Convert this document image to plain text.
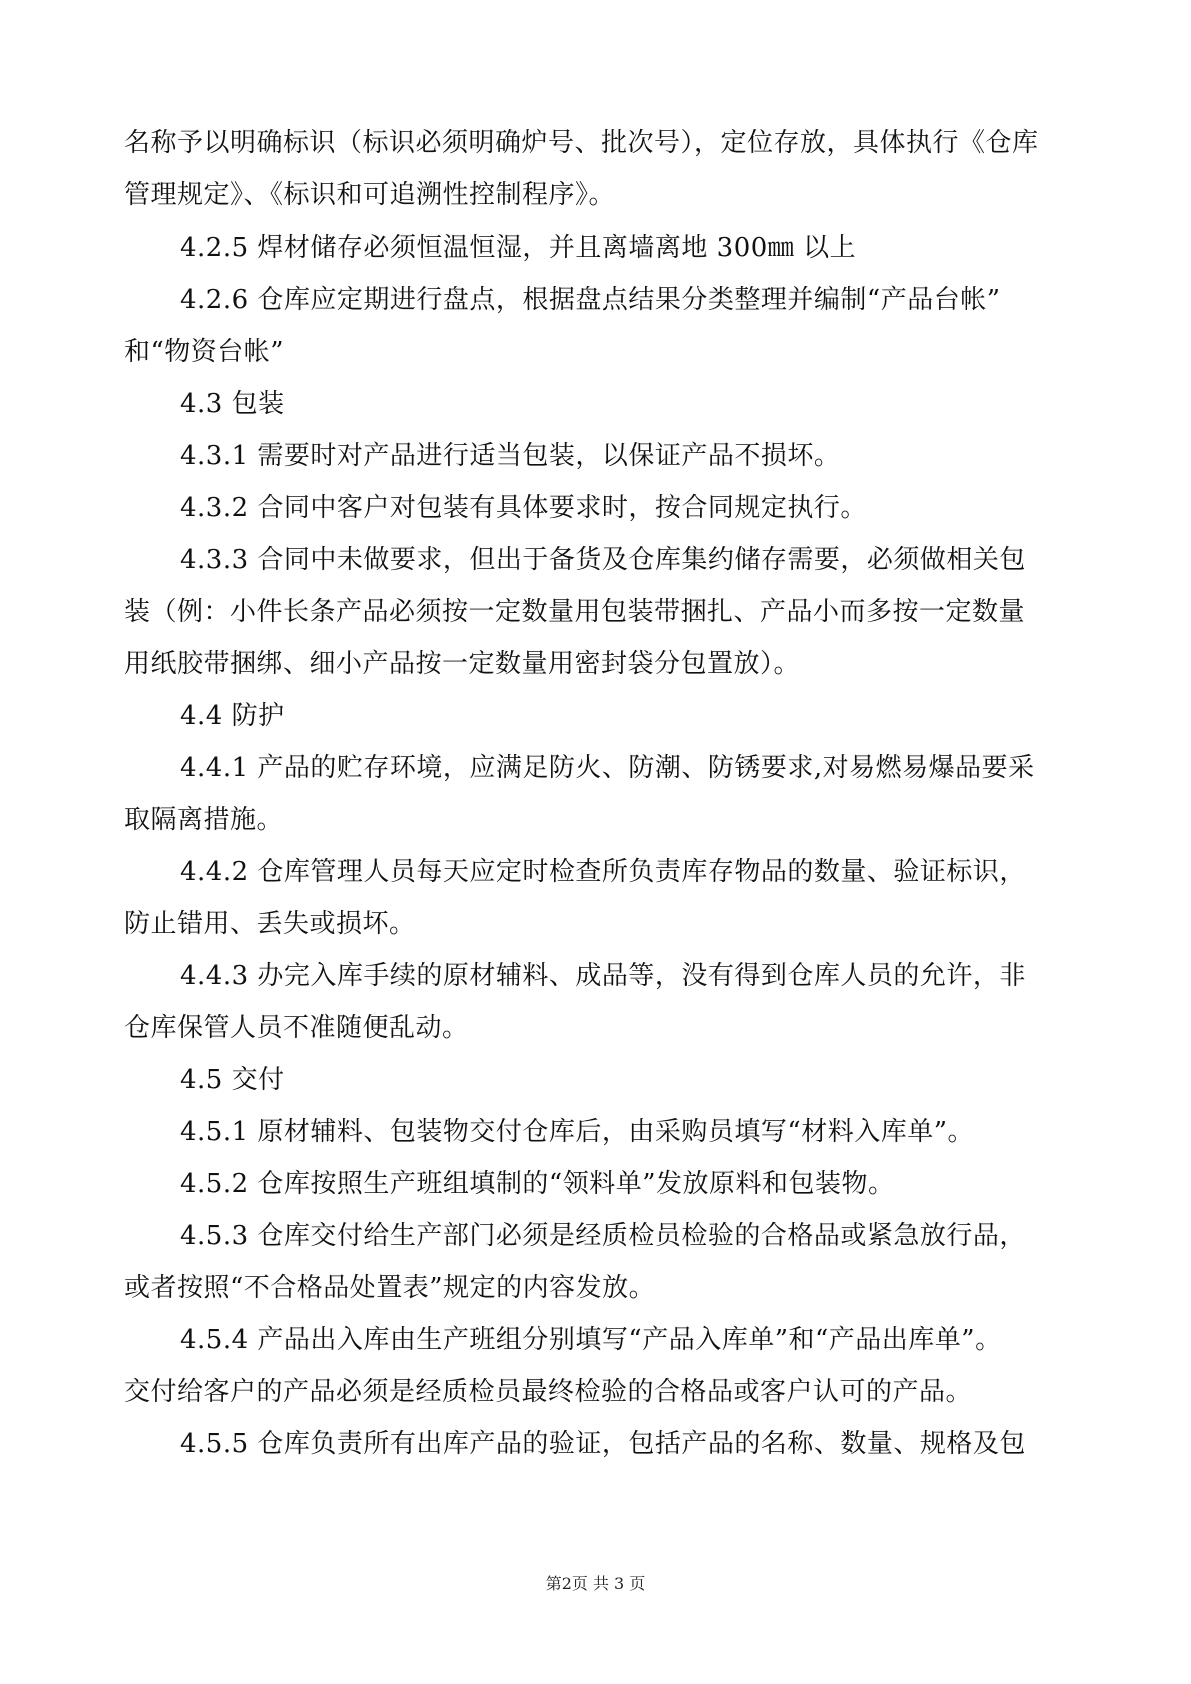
名称予以明确标识（标识必须明确炉号、批次号），定位存放，具体执行《仓库
管理规定》、《标识和可追溯性控制程序》。
4.2.5 焊材储存必须恒温恒湿，并且离墙离地 300㎜ 以上
4.2.6 仓库应定期进行盘点，根据盘点结果分类整理并编制“产品台帐”
和“物资台帐”
4.3 包装
4.3.1 需要时对产品进行适当包装，以保证产品不损坏。
4.3.2 合同中客户对包装有具体要求时，按合同规定执行。
4.3.3 合同中未做要求，但出于备货及仓库集约储存需要，必须做相关包
装（例：小件长条产品必须按一定数量用包装带捆扎、产品小而多按一定数量
用纸胶带捆绑、细小产品按一定数量用密封袋分包置放）。
4.4 防护
4.4.1 产品的贮存环境，应满足防火、防潮、防锈要求,对易燃易爆品要采
取隔离措施。
4.4.2 仓库管理人员每天应定时检查所负责库存物品的数量、验证标识，
防止错用、丢失或损坏。
4.4.3 办完入库手续的原材辅料、成品等，没有得到仓库人员的允许，非
仓库保管人员不准随便乱动。
4.5 交付
4.5.1 原材辅料、包装物交付仓库后，由采购员填写“材料入库单”。
4.5.2 仓库按照生产班组填制的“领料单”发放原料和包装物。
4.5.3 仓库交付给生产部门必须是经质检员检验的合格品或紧急放行品，
或者按照“不合格品处置表”规定的内容发放。
4.5.4 产品出入库由生产班组分别填写“产品入库单”和“产品出库单”。
交付给客户的产品必须是经质检员最终检验的合格品或客户认可的产品。
4.5.5 仓库负责所有出库产品的验证，包括产品的名称、数量、规格及包
第2页 共 3 页
